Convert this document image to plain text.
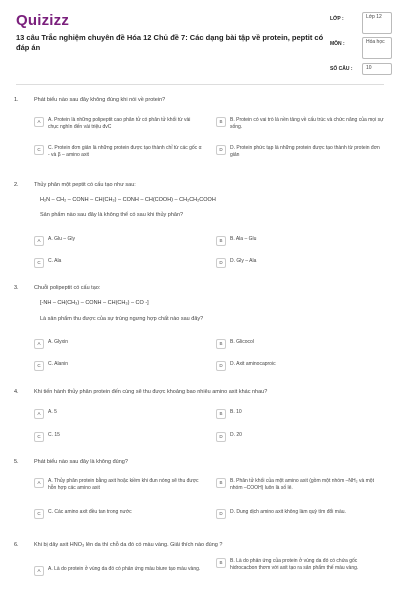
Quizizz
13 câu Trắc nghiệm chuyên đề Hóa 12 Chủ đề 7: Các dạng bài tập về protein, peptit có đáp án
LỚP :	Lớp 12
MÔN :	Hóa học
SỐ CÂU :	10
1.	Phát biểu nào sau đây không đúng khi nói về protein?
A	A. Protein là những polipeptit cao phân tử có phân tử khối từ vài chục nghìn đến vài triệu đvC
B	B. Protein có vai trò là nền tảng về cấu trúc và chức năng của mọi sự sống.
C	C. Protein đơn giản là những protein được tạo thành chỉ từ các gốc α - và β – amino axit
D	D. Protein phức tạp là những protein được tạo thành từ protein đơn giản
2.	Thủy phân một peptit có cấu tạo như sau:
H₂N – CH₂ – CONH – CH(CH₃) – CONH – CH(COOH) – CH₂CH₂COOH
Sản phẩm nào sau đây là không thể có sau khi thủy phân?
A	A. Glu – Gly	B	B. Ala – Glu
C	C. Ala	D	D. Gly – Ala
3.	Chuỗi polipeptit có cấu tạo:
[-NH – CH(CH₃) – CONH – CH(CH₃) – CO -]
Là sản phẩm thu được của sự trùng ngưng hợp chất nào sau đây?
A	A. Glyxin	B	B. Glicocol
C	C. Alanin	D	D. Axit aminocaproic
4.	Khi tiến hành thủy phân protein đến cùng sẽ thu được khoảng bao nhiêu amino axit khác nhau?
A	A. 5	B	B. 10
C	C. 15	D	D. 20
5.	Phát biểu nào sau đây là không đúng?
A	A. Thủy phân protein bằng axit hoặc kiềm khi đun nóng sẽ thu được hỗn hợp các amino axit
B	B. Phân tử khối của một amino axit (gồm một nhóm –NH₂ và một nhóm –COOH) luôn là số lẻ.
C	C. Các amino axit đều tan trong nước	D	D. Dung dịch amino axit không làm quỳ tím đổi màu.
6.	Khi bị dây axit HNO₃ lên da thì chỗ da đó có màu vàng. Giải thích nào đúng ?
A	A. Là do protein ở vùng da đó có phản ứng màu biure tạo màu vàng.
B	B. Là do phản ứng của protein ở vùng da đó có chứa gốc hidrocacbon thơm với axit tạo ra sản phẩm thế màu vàng.
